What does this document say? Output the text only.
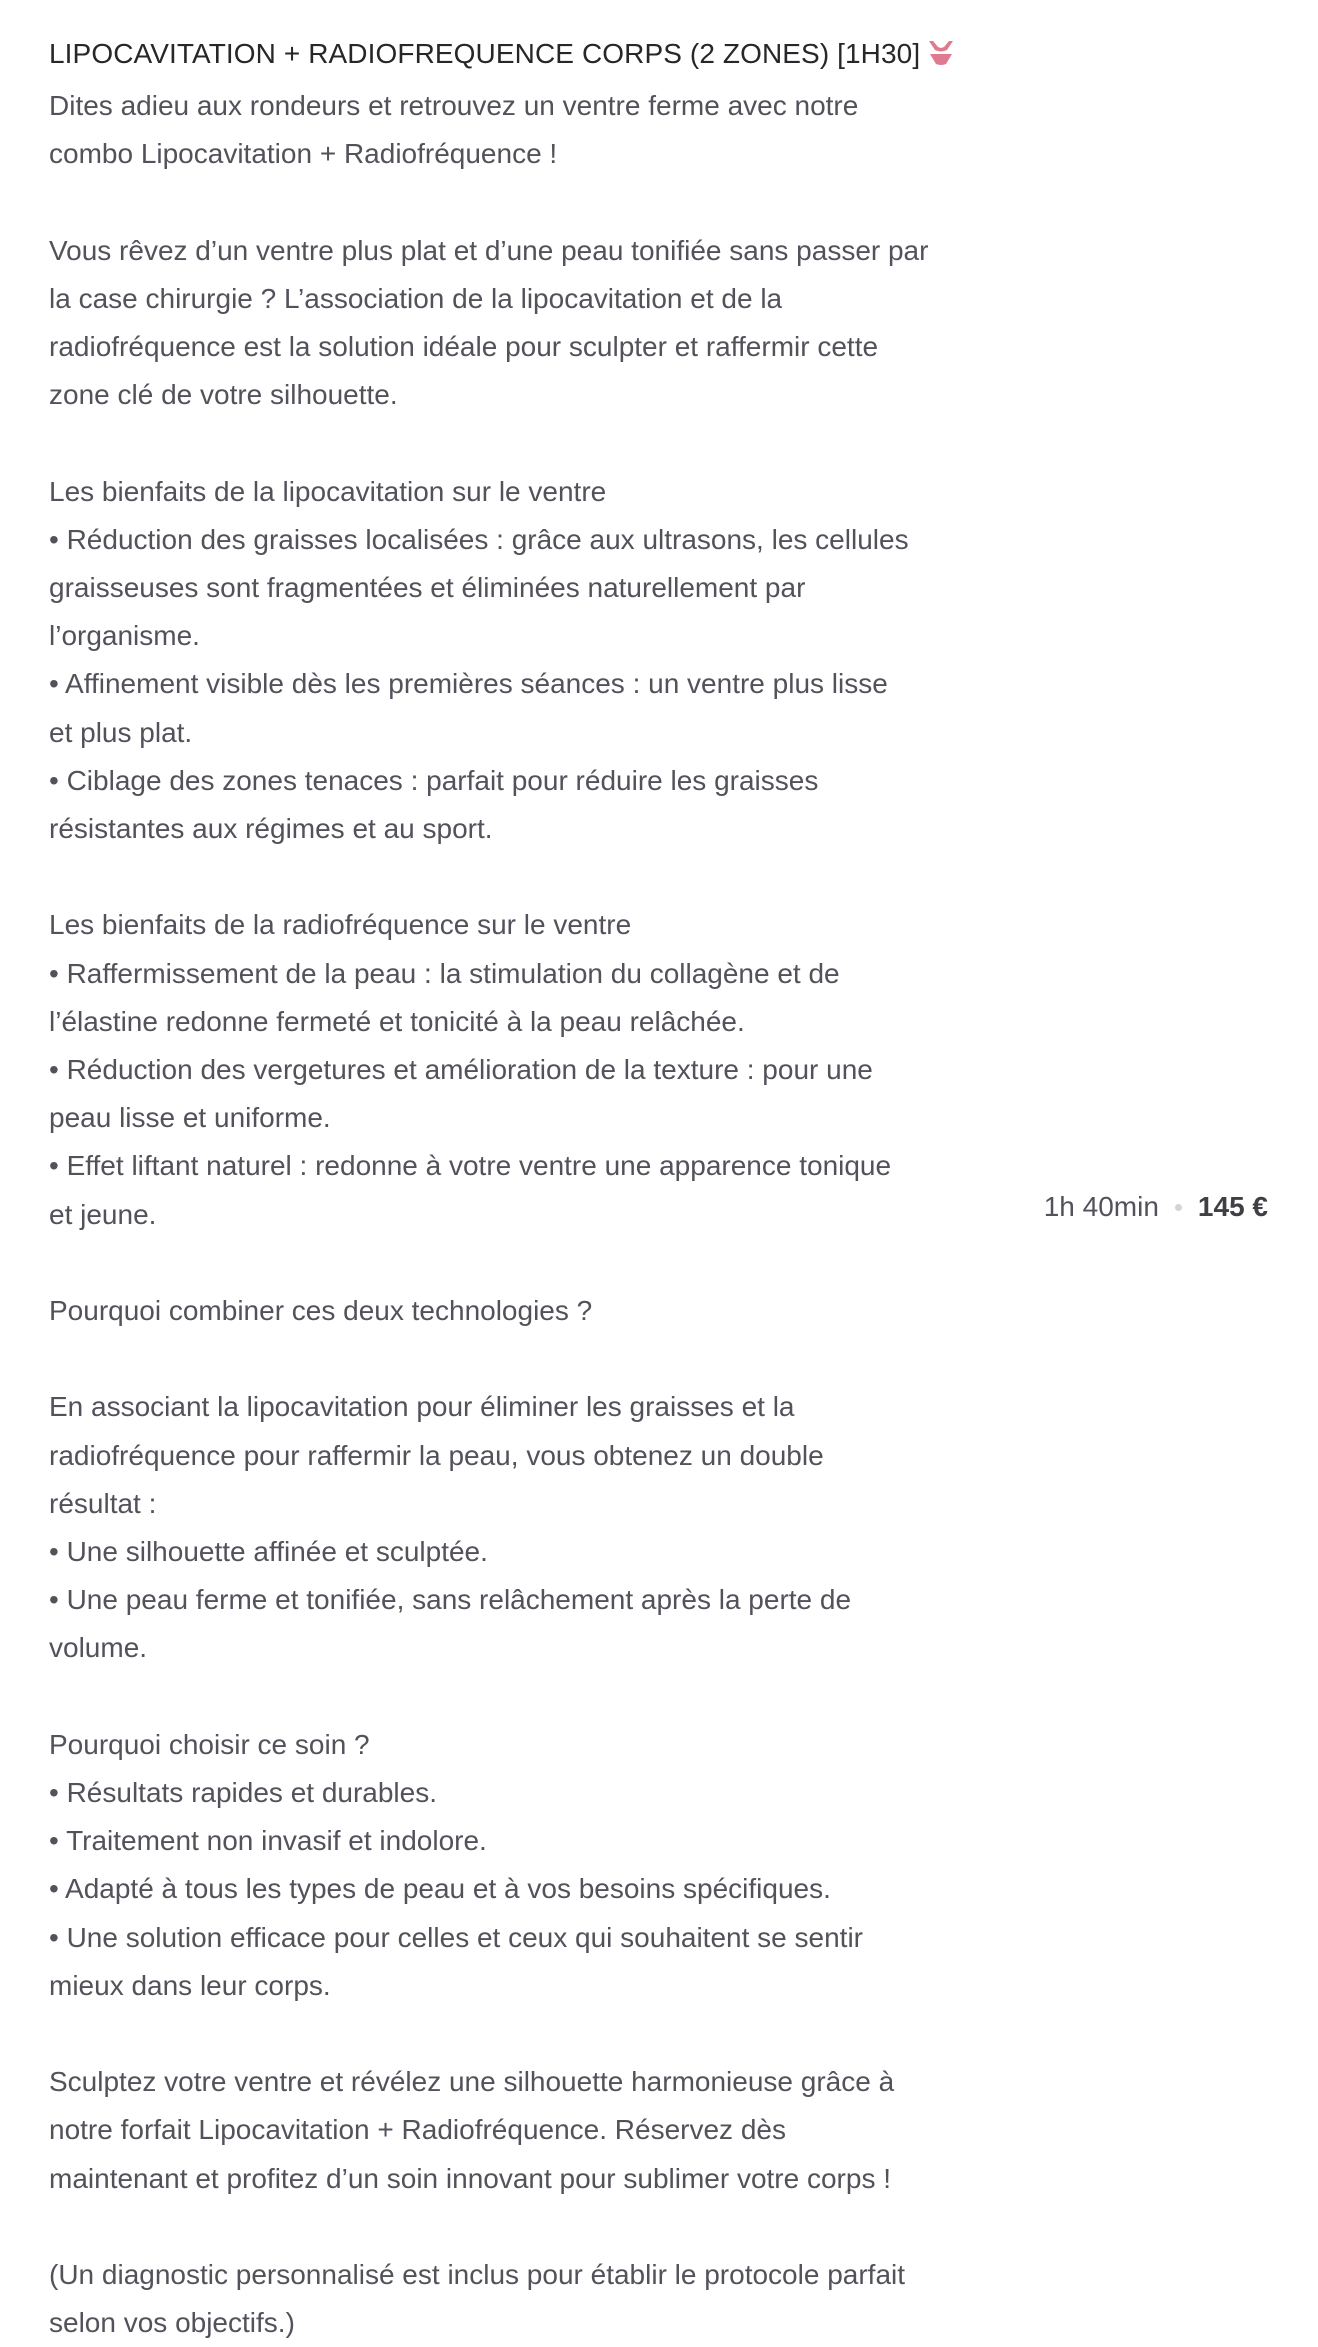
LIPOCAVITATION + RADIOFREQUENCE CORPS (2 ZONES) [1H30]
Dites adieu aux rondeurs et retrouvez un ventre ferme avec notre
combo Lipocavitation + Radiofréquence !
Vous rêvez d’un ventre plus plat et d’une peau tonifiée sans passer par
la case chirurgie ? L’association de la lipocavitation et de la
radiofréquence est la solution idéale pour sculpter et raffermir cette
zone clé de votre silhouette.
Les bienfaits de la lipocavitation sur le ventre
• Réduction des graisses localisées : grâce aux ultrasons, les cellules
graisseuses sont fragmentées et éliminées naturellement par
l’organisme.
• Affinement visible dès les premières séances : un ventre plus lisse
et plus plat.
• Ciblage des zones tenaces : parfait pour réduire les graisses
résistantes aux régimes et au sport.
Les bienfaits de la radiofréquence sur le ventre
• Raffermissement de la peau : la stimulation du collagène et de
l’élastine redonne fermeté et tonicité à la peau relâchée.
• Réduction des vergetures et amélioration de la texture : pour une
peau lisse et uniforme.
• Effet liftant naturel : redonne à votre ventre une apparence tonique
et jeune.
Pourquoi combiner ces deux technologies ?
En associant la lipocavitation pour éliminer les graisses et la
radiofréquence pour raffermir la peau, vous obtenez un double
résultat :
• Une silhouette affinée et sculptée.
• Une peau ferme et tonifiée, sans relâchement après la perte de
volume.
Pourquoi choisir ce soin ?
• Résultats rapides et durables.
• Traitement non invasif et indolore.
• Adapté à tous les types de peau et à vos besoins spécifiques.
• Une solution efficace pour celles et ceux qui souhaitent se sentir
mieux dans leur corps.
Sculptez votre ventre et révélez une silhouette harmonieuse grâce à
notre forfait Lipocavitation + Radiofréquence. Réservez dès
maintenant et profitez d’un soin innovant pour sublimer votre corps !
(Un diagnostic personnalisé est inclus pour établir le protocole parfait
selon vos objectifs.)
1h 40min 145 €
